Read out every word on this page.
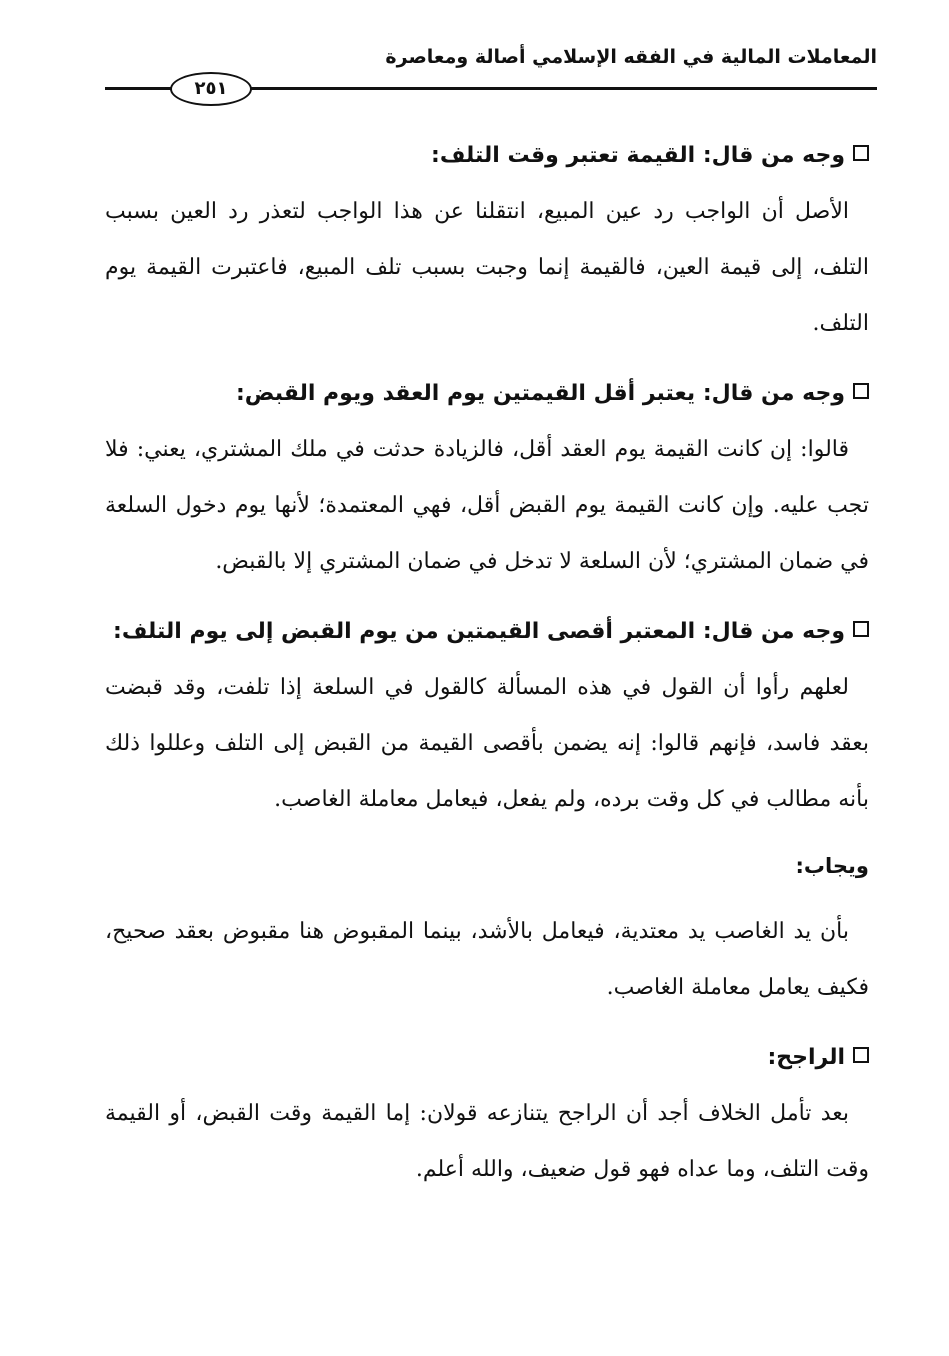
المعاملات المالية في الفقه الإسلامي أصالة ومعاصرة
٢٥١

وجه من قال: القيمة تعتبر وقت التلف:

الأصل أن الواجب رد عين المبيع، انتقلنا عن هذا الواجب لتعذر رد العين بسبب التلف، إلى قيمة العين، فالقيمة إنما وجبت بسبب تلف المبيع، فاعتبرت القيمة يوم التلف.

وجه من قال: يعتبر أقل القيمتين يوم العقد ويوم القبض:

قالوا: إن كانت القيمة يوم العقد أقل، فالزيادة حدثت في ملك المشتري، يعني: فلا تجب عليه. وإن كانت القيمة يوم القبض أقل، فهي المعتمدة؛ لأنها يوم دخول السلعة في ضمان المشتري؛ لأن السلعة لا تدخل في ضمان المشتري إلا بالقبض.

وجه من قال: المعتبر أقصى القيمتين من يوم القبض إلى يوم التلف:

لعلهم رأوا أن القول في هذه المسألة كالقول في السلعة إذا تلفت، وقد قبضت بعقد فاسد، فإنهم قالوا: إنه يضمن بأقصى القيمة من القبض إلى التلف وعللوا ذلك بأنه مطالب في كل وقت برده، ولم يفعل، فيعامل معاملة الغاصب.

ويجاب:

بأن يد الغاصب يد معتدية، فيعامل بالأشد، بينما المقبوض هنا مقبوض بعقد صحيح، فكيف يعامل معاملة الغاصب.

الراجح:

بعد تأمل الخلاف أجد أن الراجح يتنازعه قولان: إما القيمة وقت القبض، أو القيمة وقت التلف، وما عداه فهو قول ضعيف، والله أعلم.
